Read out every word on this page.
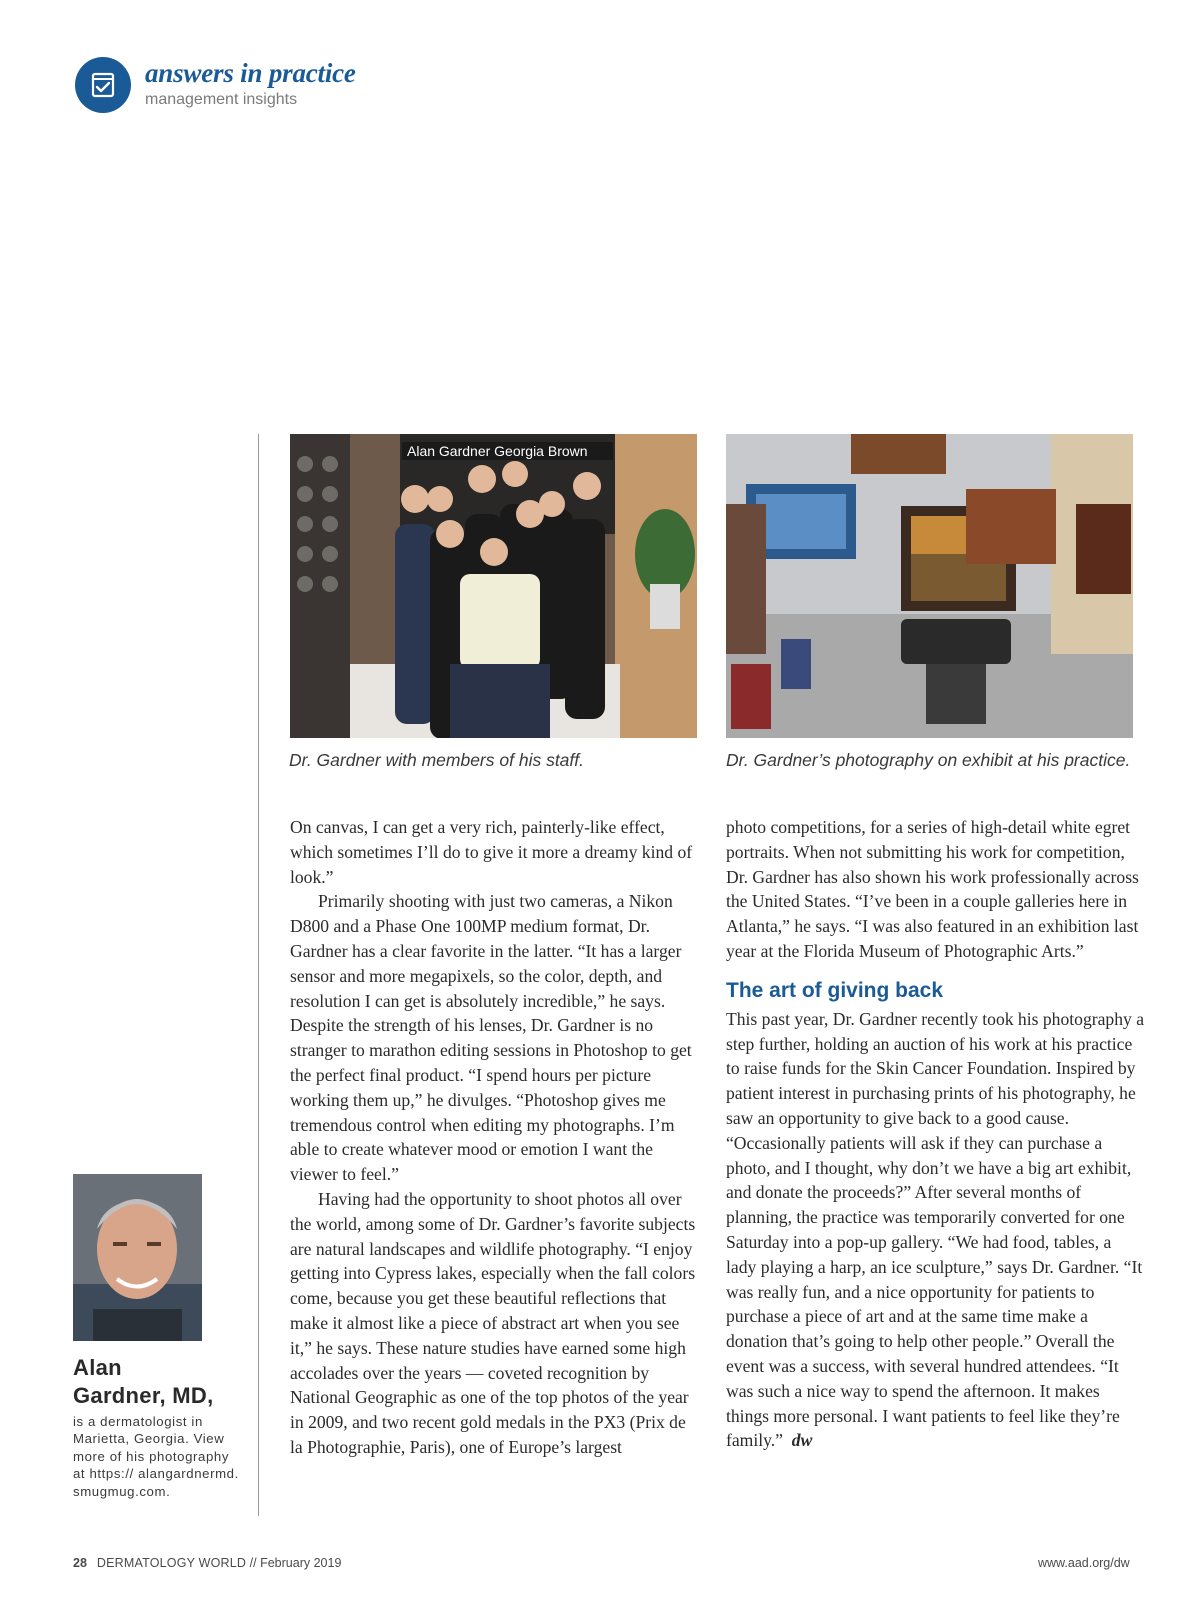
answers in practice
management insights
Alan Gardner Georgia Brown
Dr. Gardner with members of his staff.	Dr. Gardner’s photography on exhibit at his practice.

On canvas, I can get a very rich, painterly-like effect, which sometimes I’ll do to give it more a dreamy kind of look.”

Primarily shooting with just two cameras, a Nikon D800 and a Phase One 100MP medium format, Dr. Gardner has a clear favorite in the latter. “It has a larger sensor and more megapixels, so the color, depth, and resolution I can get is absolutely incredible,” he says. Despite the strength of his lenses, Dr. Gardner is no stranger to marathon editing sessions in Photoshop to get the perfect final product. “I spend hours per picture working them up,” he divulges. “Photoshop gives me tremendous control when editing my photographs. I’m able to create whatever mood or emotion I want the viewer to feel.”

Having had the opportunity to shoot photos all over the world, among some of Dr. Gardner’s favorite subjects are natural landscapes and wildlife photography. “I enjoy getting into Cypress lakes, especially when the fall colors come, because you get these beautiful reflections that make it almost like a piece of abstract art when you see it,” he says. These nature studies have earned some high accolades over the years — coveted recognition by National Geographic as one of the top photos of the year in 2009, and two recent gold medals in the PX3 (Prix de la Photographie, Paris), one of Europe’s largest

photo competitions, for a series of high-detail white egret portraits. When not submitting his work for competition, Dr. Gardner has also shown his work professionally across the United States. “I’ve been in a couple galleries here in Atlanta,” he says. “I was also featured in an exhibition last year at the Florida Museum of Photographic Arts.”

The art of giving back

This past year, Dr. Gardner recently took his photography a step further, holding an auction of his work at his practice to raise funds for the Skin Cancer Foundation. Inspired by patient interest in purchasing prints of his photography, he saw an opportunity to give back to a good cause. “Occasionally patients will ask if they can purchase a photo, and I thought, why don’t we have a big art exhibit, and donate the proceeds?” After several months of planning, the practice was temporarily converted for one Saturday into a pop-up gallery. “We had food, tables, a lady playing a harp, an ice sculpture,” says Dr. Gardner. “It was really fun, and a nice opportunity for patients to purchase a piece of art and at the same time make a donation that’s going to help other people.” Overall the event was a success, with several hundred attendees. “It was such a nice way to spend the afternoon. It makes things more personal. I want patients to feel like they’re family.” dw

Alan
Gardner, MD,
is a dermatologist in Marietta, Georgia. View more of his photography at https:// alangardnermd. smugmug.com.
28 DERMATOLOGY WORLD // February 2019	www.aad.org/dw
